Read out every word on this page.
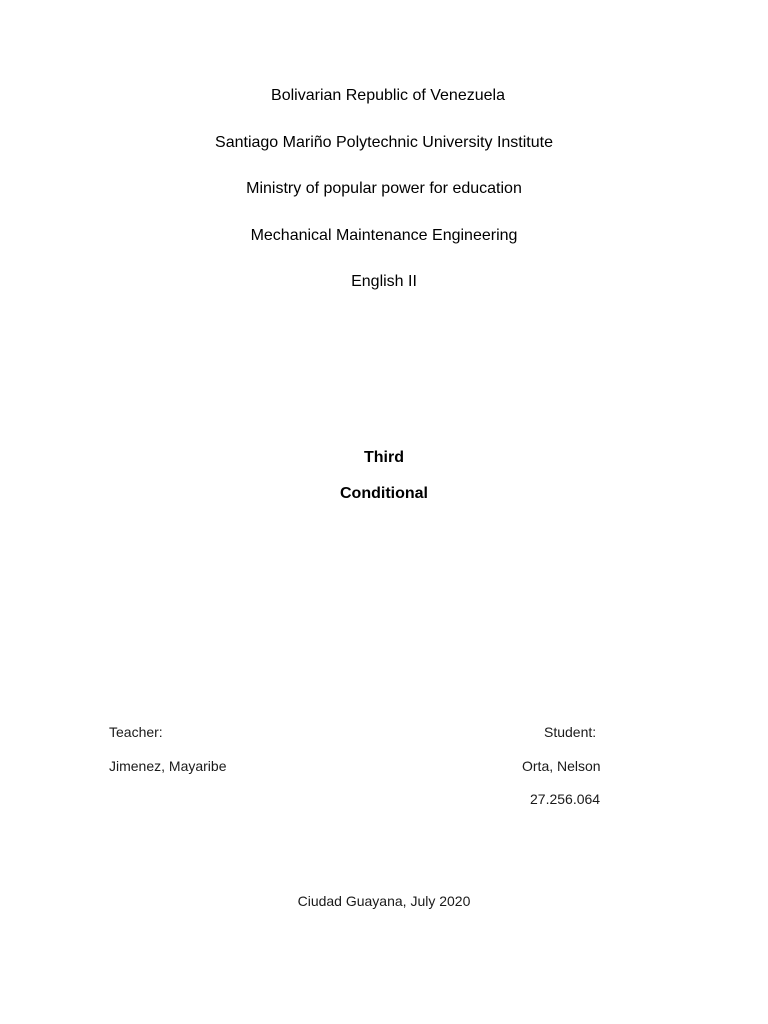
Bolivarian Republic of Venezuela
Santiago Mariño Polytechnic University Institute
Ministry of popular power for education
Mechanical Maintenance Engineering
English II
Third
Conditional
Teacher:
Jimenez, Mayaribe
Student:
Orta, Nelson
27.256.064
Ciudad Guayana, July 2020
